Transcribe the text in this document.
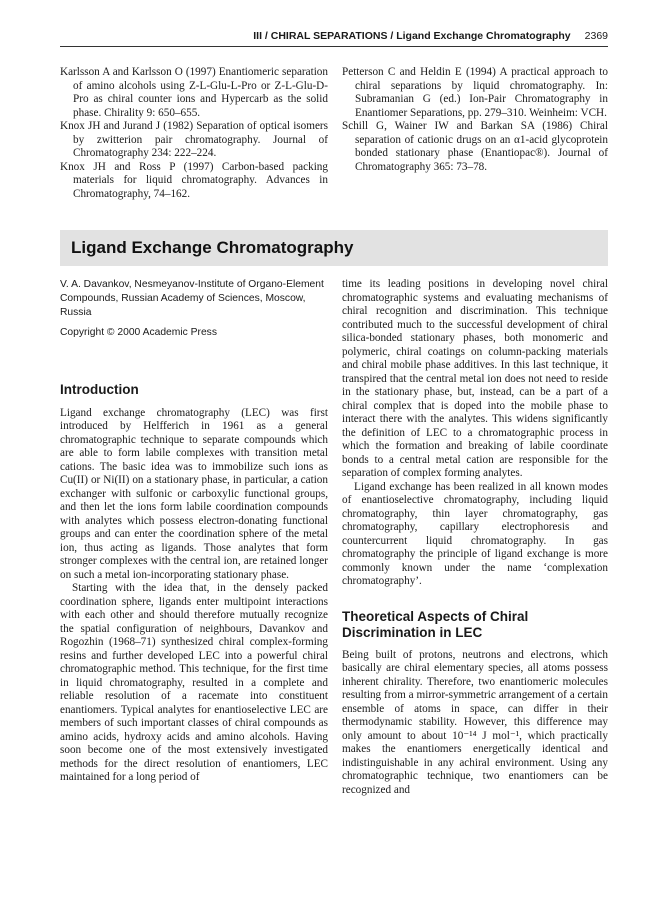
III / CHIRAL SEPARATIONS / Ligand Exchange Chromatography 2369

Karlsson A and Karlsson O (1997) Enantiomeric separation of amino alcohols using Z-L-Glu-L-Pro or Z-L-Glu-D-Pro as chiral counter ions and Hypercarb as the solid phase. Chirality 9: 650–655.

Knox JH and Jurand J (1982) Separation of optical isomers by zwitterion pair chromatography. Journal of Chromatography 234: 222–224.

Knox JH and Ross P (1997) Carbon-based packing materials for liquid chromatography. Advances in Chromatography, 74–162.

Petterson C and Heldin E (1994) A practical approach to chiral separations by liquid chromatography. In: Subramanian G (ed.) Ion-Pair Chromatography in Enantiomer Separations, pp. 279–310. Weinheim: VCH.

Schill G, Wainer IW and Barkan SA (1986) Chiral separation of cationic drugs on an α1-acid glycoprotein bonded stationary phase (Enantiopac®). Journal of Chromatography 365: 73–78.

Ligand Exchange Chromatography

V. A. Davankov, Nesmeyanov-Institute of Organo-Element Compounds, Russian Academy of Sciences, Moscow, Russia

Copyright © 2000 Academic Press

Introduction

Ligand exchange chromatography (LEC) was first introduced by Helfferich in 1961 as a general chromatographic technique to separate compounds which are able to form labile complexes with transition metal cations. The basic idea was to immobilize such ions as Cu(II) or Ni(II) on a stationary phase, in particular, a cation exchanger with sulfonic or carboxylic functional groups, and then let the ions form labile coordination compounds with analytes which possess electron-donating functional groups and can enter the coordination sphere of the metal ion, thus acting as ligands. Those analytes that form stronger complexes with the central ion, are retained longer on such a metal ion-incorporating stationary phase.

Starting with the idea that, in the densely packed coordination sphere, ligands enter multipoint interactions with each other and should therefore mutually recognize the spatial configuration of neighbours, Davankov and Rogozhin (1968–71) synthesized chiral complex-forming resins and further developed LEC into a powerful chiral chromatographic method. This technique, for the first time in liquid chromatography, resulted in a complete and reliable resolution of a racemate into constituent enantiomers. Typical analytes for enantioselective LEC are members of such important classes of chiral compounds as amino acids, hydroxy acids and amino alcohols. Having soon become one of the most extensively investigated methods for the direct resolution of enantiomers, LEC maintained for a long period of

time its leading positions in developing novel chiral chromatographic systems and evaluating mechanisms of chiral recognition and discrimination. This technique contributed much to the successful development of chiral silica-bonded stationary phases, both monomeric and polymeric, chiral coatings on column-packing materials and chiral mobile phase additives. In this last technique, it transpired that the central metal ion does not need to reside in the stationary phase, but, instead, can be a part of a chiral complex that is doped into the mobile phase to interact there with the analytes. This widens significantly the definition of LEC to a chromatographic process in which the formation and breaking of labile coordinate bonds to a central metal cation are responsible for the separation of complex forming analytes.

Ligand exchange has been realized in all known modes of enantioselective chromatography, including liquid chromatography, thin layer chromatography, gas chromatography, capillary electrophoresis and countercurrent liquid chromatography. In gas chromatography the principle of ligand exchange is more commonly known under the name ‘complexation chromatography’.

Theoretical Aspects of Chiral Discrimination in LEC

Being built of protons, neutrons and electrons, which basically are chiral elementary species, all atoms possess inherent chirality. Therefore, two enantiomeric molecules resulting from a mirror-symmetric arrangement of a certain ensemble of atoms in space, can differ in their thermodynamic stability. However, this difference may only amount to about 10⁻¹⁴ J mol⁻¹, which practically makes the enantiomers energetically identical and indistinguishable in any achiral environment. Using any chromatographic technique, two enantiomers can be recognized and
